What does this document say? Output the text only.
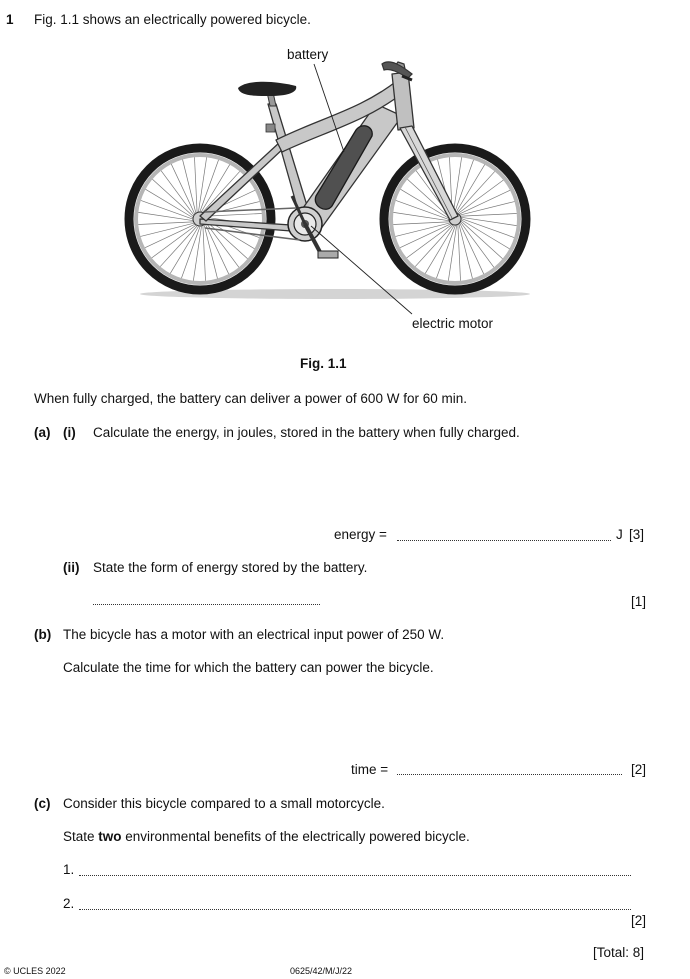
1 Fig. 1.1 shows an electrically powered bicycle.
battery
electric motor
Fig. 1.1
When fully charged, the battery can deliver a power of 600 W for 60 min.
(a) (i) Calculate the energy, in joules, stored in the battery when fully charged.
energy =	J [3]
(ii) State the form of energy stored by the battery.
[1]
(b) The bicycle has a motor with an electrical input power of 250 W.
Calculate the time for which the battery can power the bicycle.
time =	[2]
(c) Consider this bicycle compared to a small motorcycle.
State two environmental benefits of the electrically powered bicycle.
1.
2.
[2]
[Total: 8]
© UCLES 2022	0625/42/M/J/22
